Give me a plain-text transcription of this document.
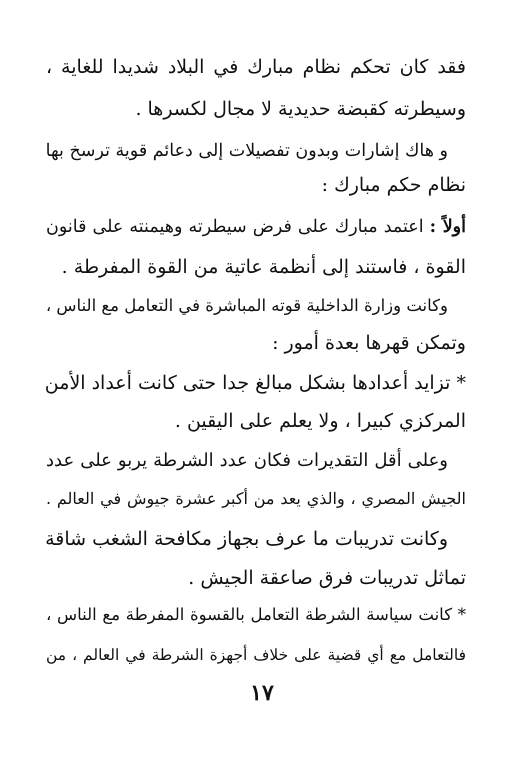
فقد كان تحكم نظام مبارك في البلاد شديدا للغاية ،
وسيطرته كقبضة حديدية لا مجال لكسرها .
و هاك إشارات وبدون تفصيلات إلى دعائم قوية ترسخ بها
نظام حكم مبارك :
أولاً : اعتمد مبارك على فرض سيطرته وهيمنته على قانون
القوة ، فاستند إلى أنظمة عاتية من القوة المفرطة .
وكانت وزارة الداخلية قوته المباشرة في التعامل مع الناس ،
وتمكن قهرها بعدة أمور :
* تزايد أعدادها بشكل مبالغ جدا حتى كانت أعداد الأمن
المركزي كبيرا ، ولا يعلم على اليقين .
وعلى أقل التقديرات فكان عدد الشرطة يربو على عدد
الجيش المصري ، والذي يعد من أكبر عشرة جيوش في العالم .
وكانت تدريبات ما عرف بجهاز مكافحة الشغب شاقة
تماثل تدريبات فرق صاعقة الجيش .
* كانت سياسة الشرطة التعامل بالقسوة المفرطة مع الناس ،
فالتعامل مع أي قضية على خلاف أجهزة الشرطة في العالم ، من
١٧
